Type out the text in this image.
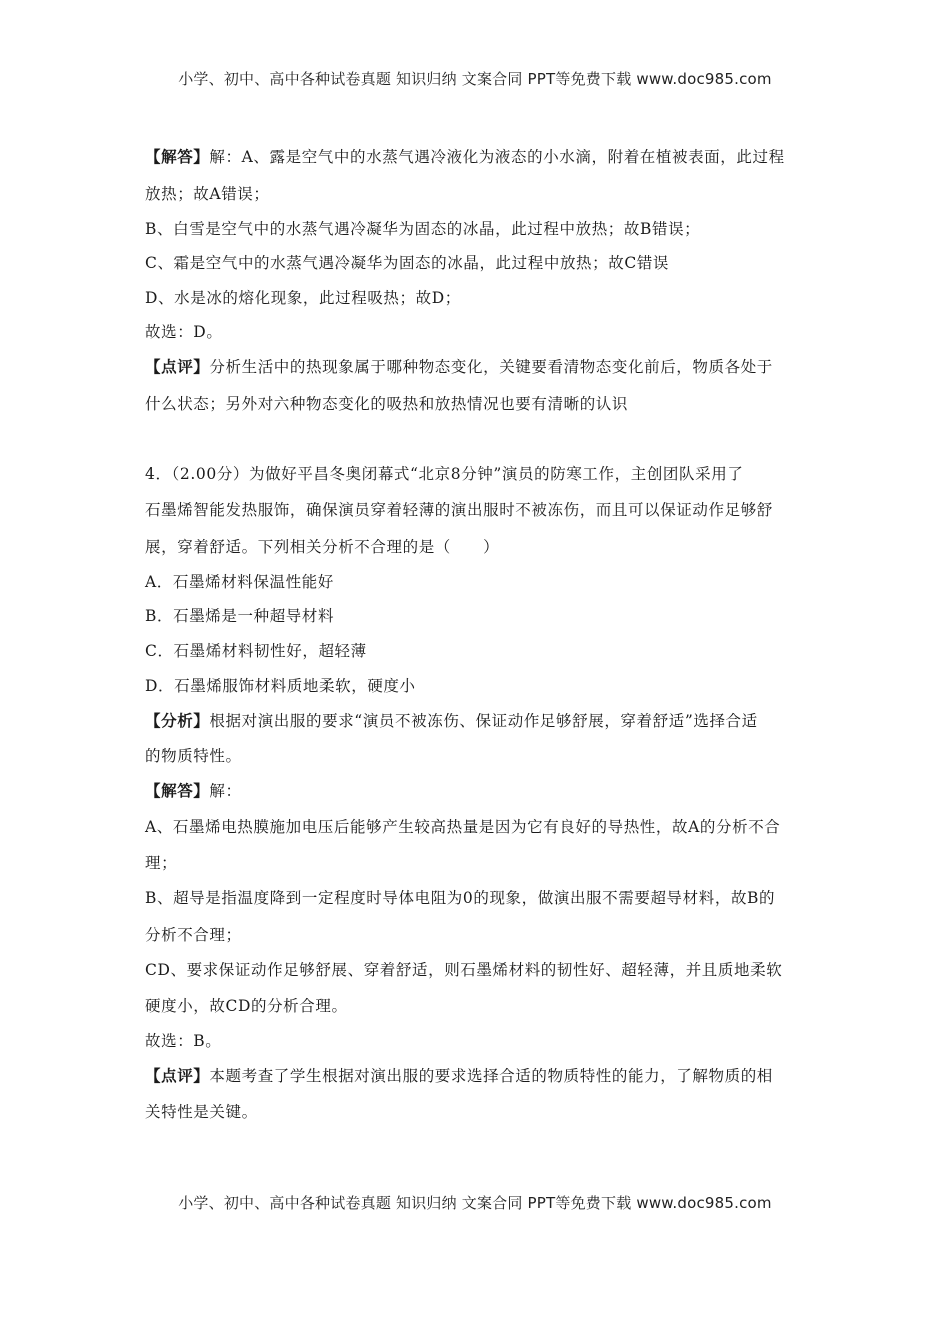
小学、初中、高中各种试卷真题 知识归纳 文案合同 PPT等免费下载 www.doc985.com
【解答】解：A、露是空气中的水蒸气遇冷液化为液态的小水滴，附着在植被表面，此过程
放热；故A错误；
B、白雪是空气中的水蒸气遇冷凝华为固态的冰晶，此过程中放热；故B错误；
C、霜是空气中的水蒸气遇冷凝华为固态的冰晶，此过程中放热；故C错误
D、水是冰的熔化现象，此过程吸热；故D；
故选：D。
【点评】分析生活中的热现象属于哪种物态变化，关键要看清物态变化前后，物质各处于
什么状态；另外对六种物态变化的吸热和放热情况也要有清晰的认识
4．（2.00分）为做好平昌冬奥闭幕式“北京8分钟”演员的防寒工作，主创团队采用了
石墨烯智能发热服饰，确保演员穿着轻薄的演出服时不被冻伤，而且可以保证动作足够舒
展，穿着舒适。下列相关分析不合理的是（　　）
A．石墨烯材料保温性能好
B．石墨烯是一种超导材料
C．石墨烯材料韧性好，超轻薄
D．石墨烯服饰材料质地柔软，硬度小
【分析】根据对演出服的要求“演员不被冻伤、保证动作足够舒展，穿着舒适”选择合适
的物质特性。
【解答】解：
A、石墨烯电热膜施加电压后能够产生较高热量是因为它有良好的导热性，故A的分析不合
理；
B、超导是指温度降到一定程度时导体电阻为0的现象，做演出服不需要超导材料，故B的
分析不合理；
CD、要求保证动作足够舒展、穿着舒适，则石墨烯材料的韧性好、超轻薄，并且质地柔软
硬度小，故CD的分析合理。
故选：B。
【点评】本题考查了学生根据对演出服的要求选择合适的物质特性的能力，了解物质的相
关特性是关键。
小学、初中、高中各种试卷真题 知识归纳 文案合同 PPT等免费下载 www.doc985.com
